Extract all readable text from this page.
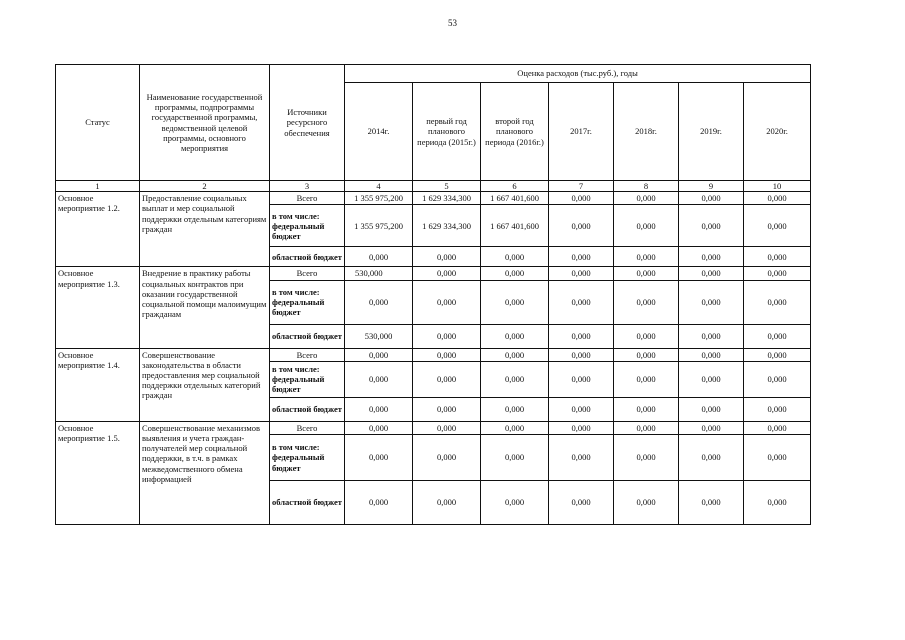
53
Статус	Наименование государственной программы, подпрограммы государственной программы, ведомственной целевой программы, основного мероприятия	Источники ресурсного обеспечения	Оценка расходов (тыс.руб.), годы						
			2014г.	первый год планового периода (2015г.)	второй год планового периода (2016г.)	2017г.	2018г.	2019г.	2020г.
1	2	3	4	5	6	7	8	9	10
Основное мероприятие 1.2.	Предоставление социальных выплат и мер социальной поддержки отдельным категориям граждан	Всего	1 355 975,200	1 629 334,300	1 667 401,600	0,000	0,000	0,000	0,000
		в том числе: федеральный бюджет	1 355 975,200	1 629 334,300	1 667 401,600	0,000	0,000	0,000	0,000
		областной бюджет	0,000	0,000	0,000	0,000	0,000	0,000	0,000
Основное мероприятие 1.3.	Внедрение в практику работы социальных контрактов при оказании государственной социальной помощи малоимущим гражданам	Всего	530,000	0,000	0,000	0,000	0,000	0,000	0,000
		в том числе: федеральный бюджет	0,000	0,000	0,000	0,000	0,000	0,000	0,000
		областной бюджет	530,000	0,000	0,000	0,000	0,000	0,000	0,000
Основное мероприятие 1.4.	Совершенствование законодательства в области предоставления мер социальной поддержки отдельных категорий граждан	Всего	0,000	0,000	0,000	0,000	0,000	0,000	0,000
		в том числе: федеральный бюджет	0,000	0,000	0,000	0,000	0,000	0,000	0,000
		областной бюджет	0,000	0,000	0,000	0,000	0,000	0,000	0,000
Основное мероприятие 1.5.	Совершенствование механизмов выявления и учета граждан-получателей мер социальной поддержки, в т.ч. в рамках межведомственного обмена информацией	Всего	0,000	0,000	0,000	0,000	0,000	0,000	0,000
		в том числе: федеральный бюджет	0,000	0,000	0,000	0,000	0,000	0,000	0,000
		областной бюджет	0,000	0,000	0,000	0,000	0,000	0,000	0,000
